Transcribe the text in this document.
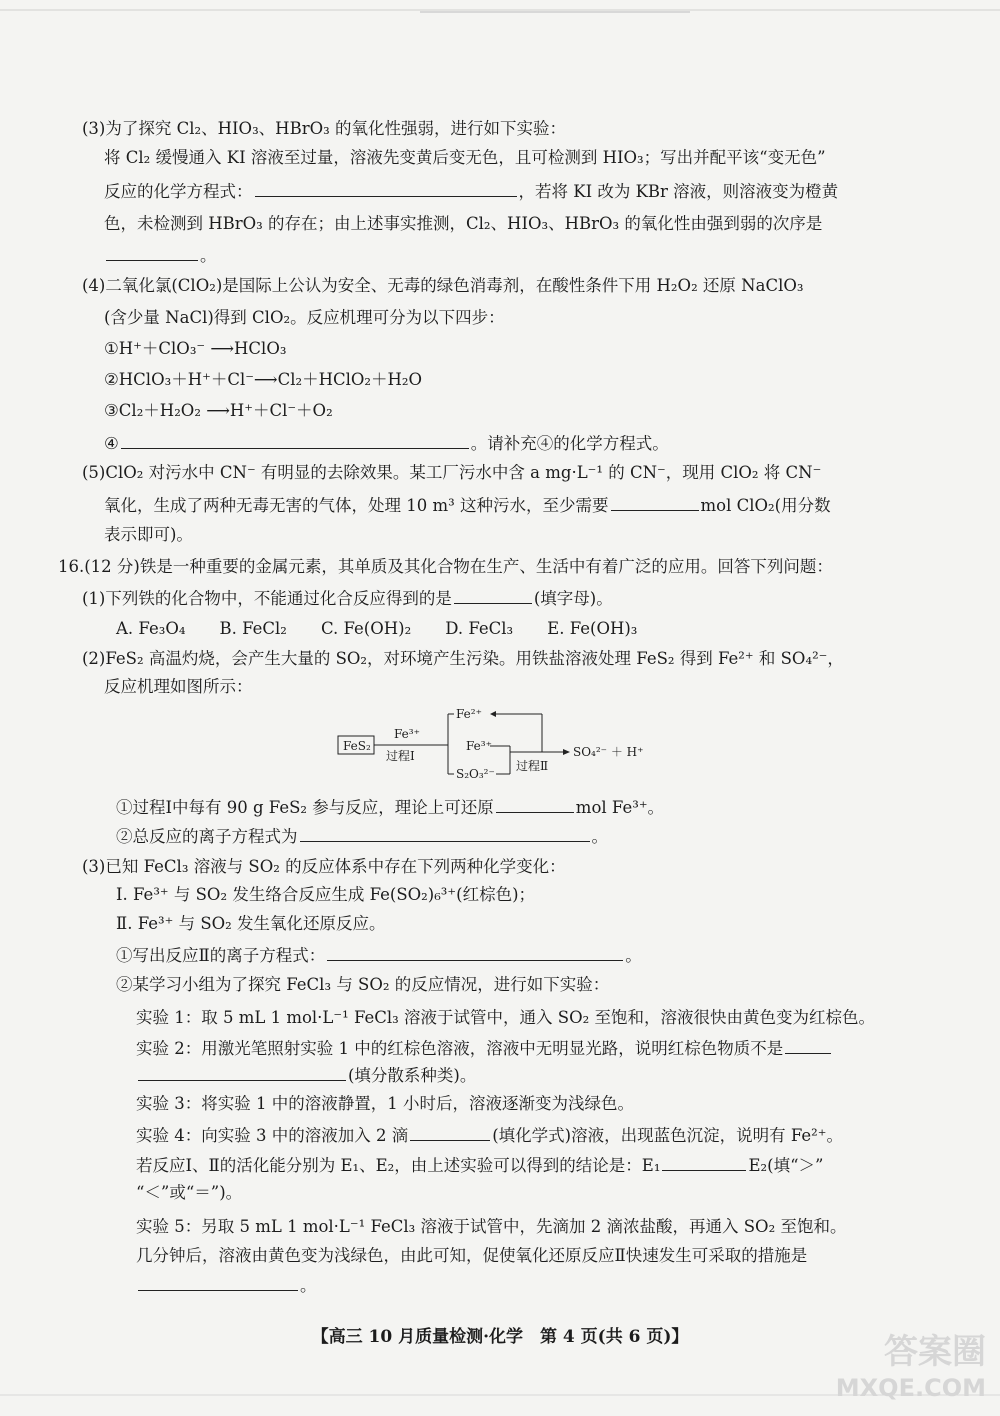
(3)为了探究 Cl₂、HIO₃、HBrO₃ 的氧化性强弱，进行如下实验：
将 Cl₂ 缓慢通入 KI 溶液至过量，溶液先变黄后变无色，且可检测到 HIO₃；写出并配平该“变无色”
反应的化学方程式：	，若将 KI 改为 KBr 溶液，则溶液变为橙黄
色，未检测到 HBrO₃ 的存在；由上述事实推测，Cl₂、HIO₃、HBrO₃ 的氧化性由强到弱的次序是
。
(4)二氧化氯(ClO₂)是国际上公认为安全、无毒的绿色消毒剂，在酸性条件下用 H₂O₂ 还原 NaClO₃
(含少量 NaCl)得到 ClO₂。反应机理可分为以下四步：
①H⁺＋ClO₃⁻ ⟶HClO₃
②HClO₃＋H⁺＋Cl⁻⟶Cl₂＋HClO₂＋H₂O
③Cl₂＋H₂O₂ ⟶H⁺＋Cl⁻＋O₂
④	。请补充④的化学方程式。
(5)ClO₂ 对污水中 CN⁻ 有明显的去除效果。某工厂污水中含 a mg·L⁻¹ 的 CN⁻，现用 ClO₂ 将 CN⁻
氧化，生成了两种无毒无害的气体，处理 10 m³ 这种污水，至少需要	mol ClO₂(用分数
表示即可)。
16.(12 分)铁是一种重要的金属元素，其单质及其化合物在生产、生活中有着广泛的应用。回答下列问题：
(1)下列铁的化合物中，不能通过化合反应得到的是	(填字母)。
A. Fe₃O₄ B. FeCl₂ C. Fe(OH)₂ D. FeCl₃ E. Fe(OH)₃
(2)FeS₂ 高温灼烧，会产生大量的 SO₂，对环境产生污染。用铁盐溶液处理 FeS₂ 得到 Fe²⁺ 和 SO₄²⁻，
反应机理如图所示：
FeS₂
Fe³⁺
过程Ⅰ
Fe²⁺
S₂O₃²⁻
Fe³⁺
过程Ⅱ
SO₄²⁻ ＋ H⁺
①过程Ⅰ中每有 90 g FeS₂ 参与反应，理论上可还原	mol Fe³⁺。
②总反应的离子方程式为	。
(3)已知 FeCl₃ 溶液与 SO₂ 的反应体系中存在下列两种化学变化：
Ⅰ. Fe³⁺ 与 SO₂ 发生络合反应生成 Fe(SO₂)₆³⁺(红棕色)；
Ⅱ. Fe³⁺ 与 SO₂ 发生氧化还原反应。
①写出反应Ⅱ的离子方程式：	。
②某学习小组为了探究 FeCl₃ 与 SO₂ 的反应情况，进行如下实验：
实验 1：取 5 mL 1 mol·L⁻¹ FeCl₃ 溶液于试管中，通入 SO₂ 至饱和，溶液很快由黄色变为红棕色。
实验 2：用激光笔照射实验 1 中的红棕色溶液，溶液中无明显光路，说明红棕色物质不是
(填分散系种类)。
实验 3：将实验 1 中的溶液静置，1 小时后，溶液逐渐变为浅绿色。
实验 4：向实验 3 中的溶液加入 2 滴	(填化学式)溶液，出现蓝色沉淀，说明有 Fe²⁺。
若反应Ⅰ、Ⅱ的活化能分别为 E₁、E₂，由上述实验可以得到的结论是：E₁	E₂(填“＞”
“＜”或“＝”)。
实验 5：另取 5 mL 1 mol·L⁻¹ FeCl₃ 溶液于试管中，先滴加 2 滴浓盐酸，再通入 SO₂ 至饱和。
几分钟后，溶液由黄色变为浅绿色，由此可知，促使氧化还原反应Ⅱ快速发生可采取的措施是
。
【高三 10 月质量检测·化学　第 4 页(共 6 页)】	答案圈
MXQE.COM
